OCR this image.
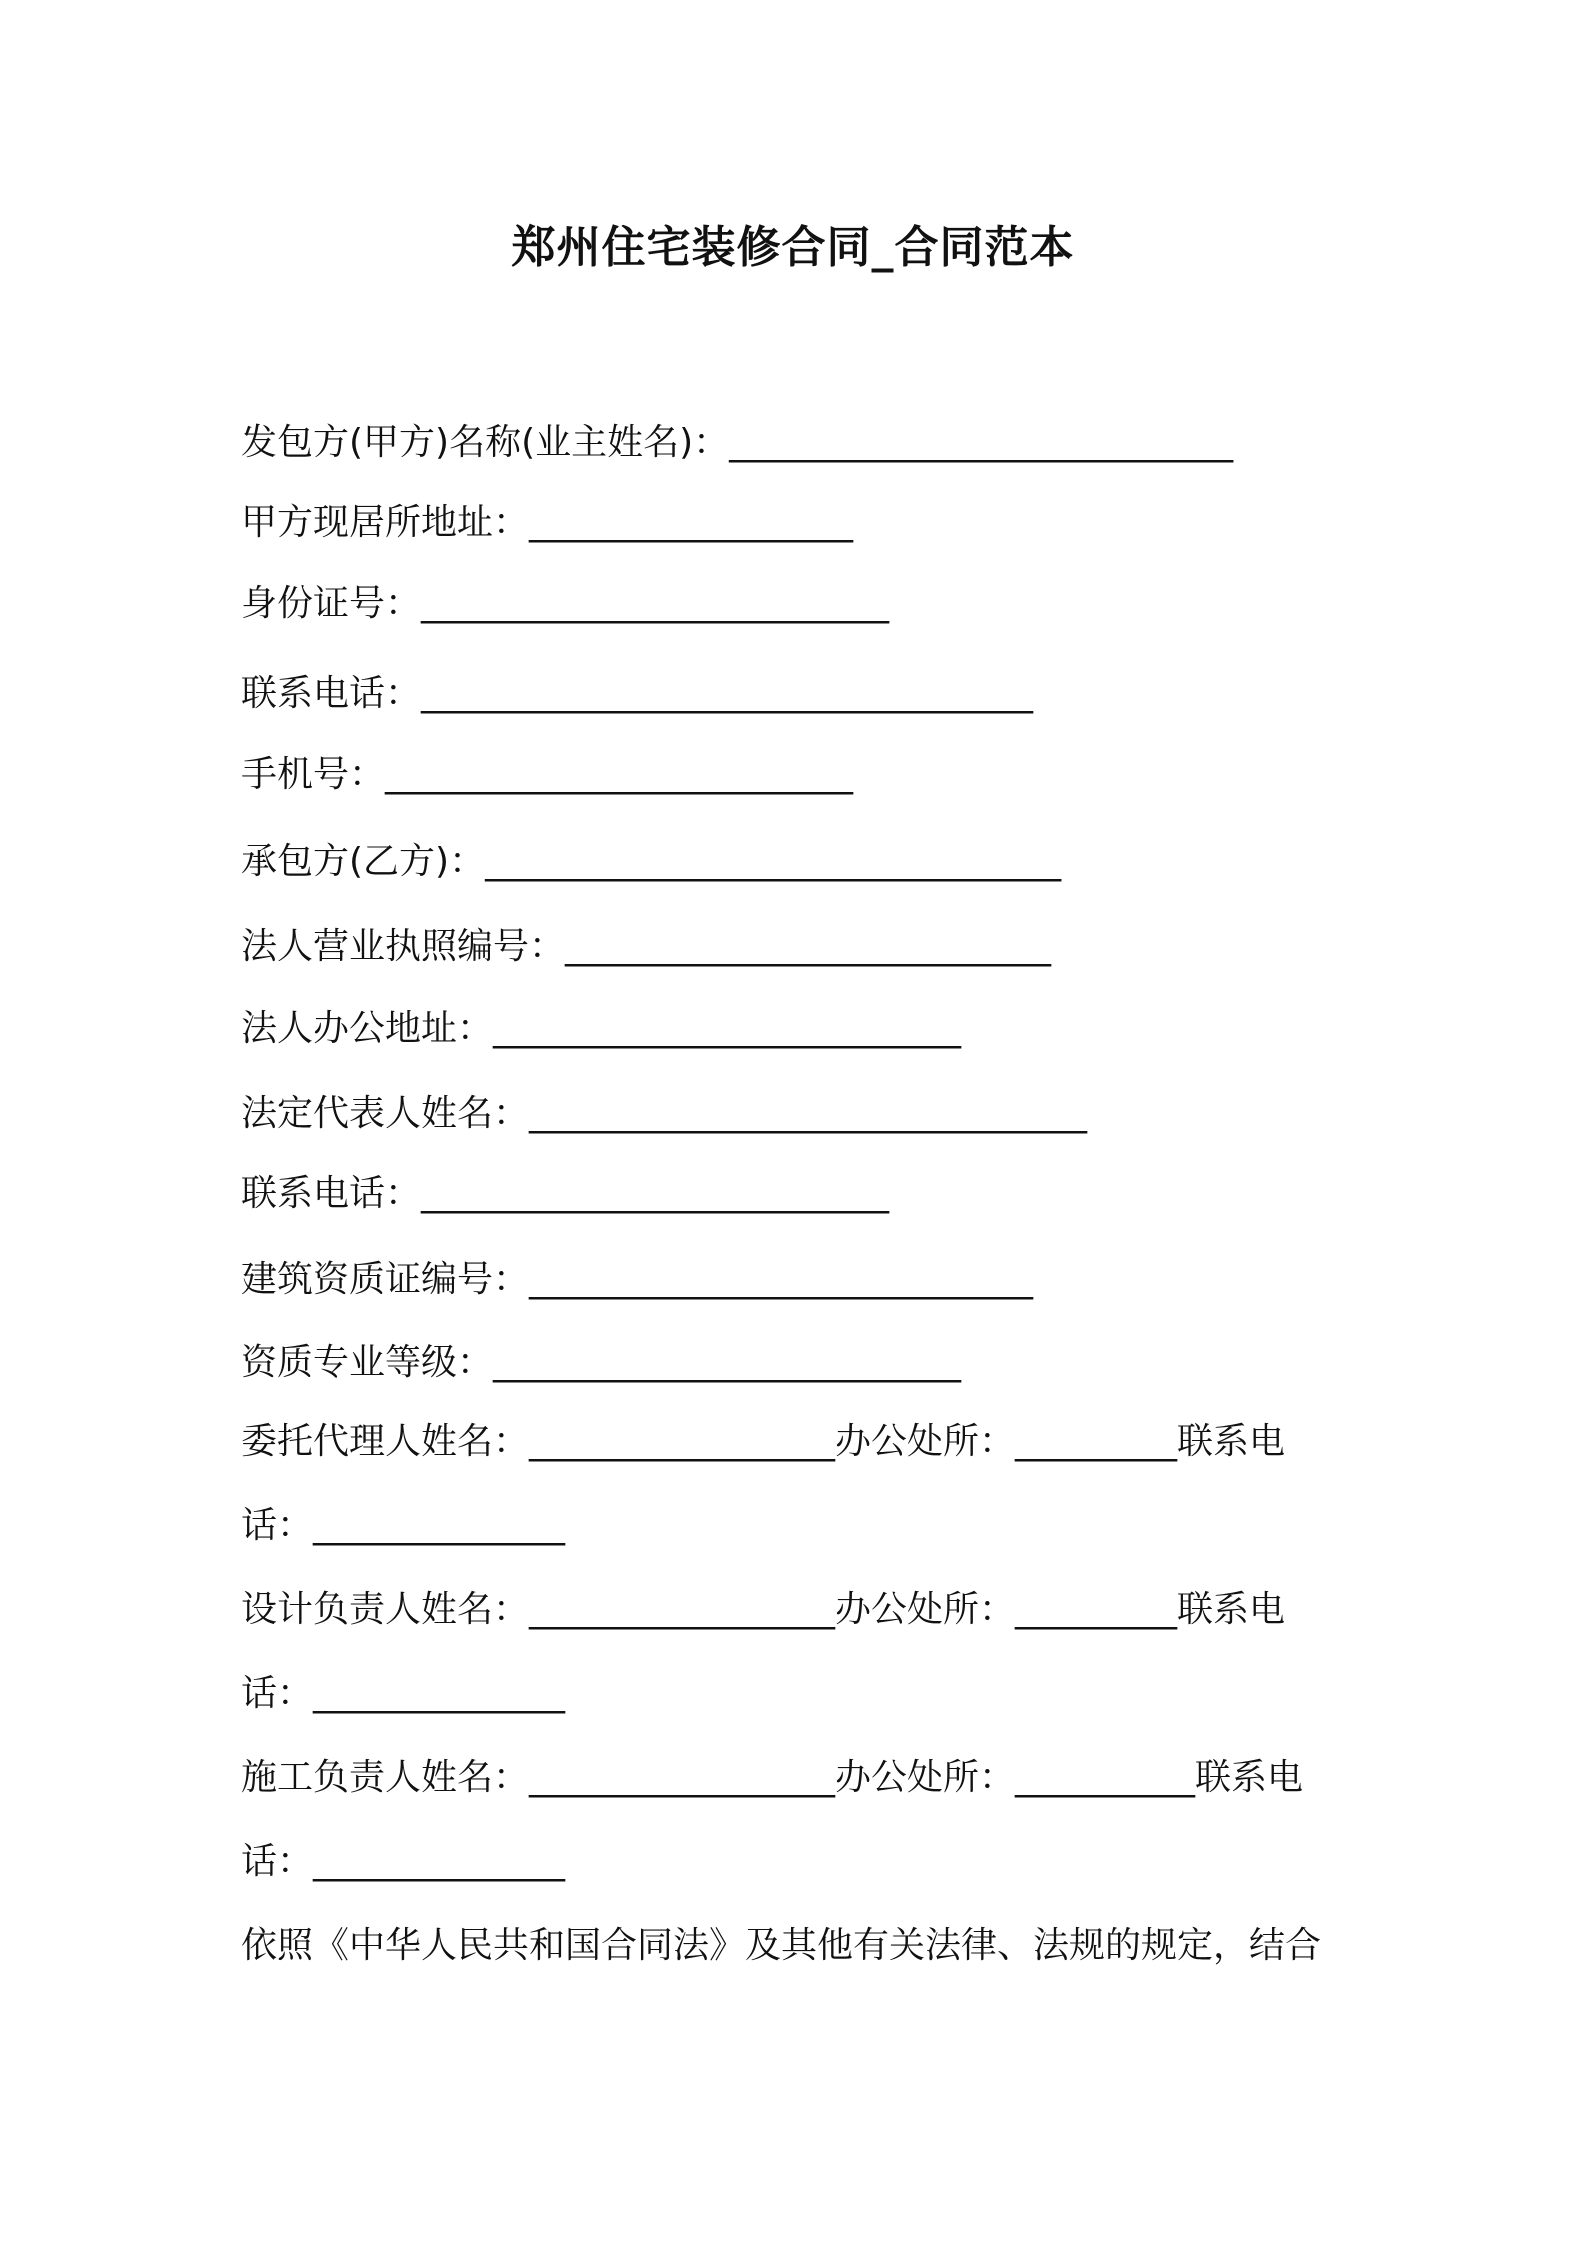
郑州住宅装修合同_合同范本
发包方(甲方)名称(业主姓名)：____________________________
甲方现居所地址：__________________
身份证号：__________________________
联系电话：__________________________________
手机号：__________________________
承包方(乙方)：________________________________
法人营业执照编号：___________________________
法人办公地址：__________________________
法定代表人姓名：_______________________________
联系电话：__________________________
建筑资质证编号：____________________________
资质专业等级：__________________________
委托代理人姓名：_________________办公处所：_________联系电
话：______________
设计负责人姓名：_________________办公处所：_________联系电
话：______________
施工负责人姓名：_________________办公处所：__________联系电
话：______________
依照《中华人民共和国合同法》及其他有关法律、法规的规定，结合
